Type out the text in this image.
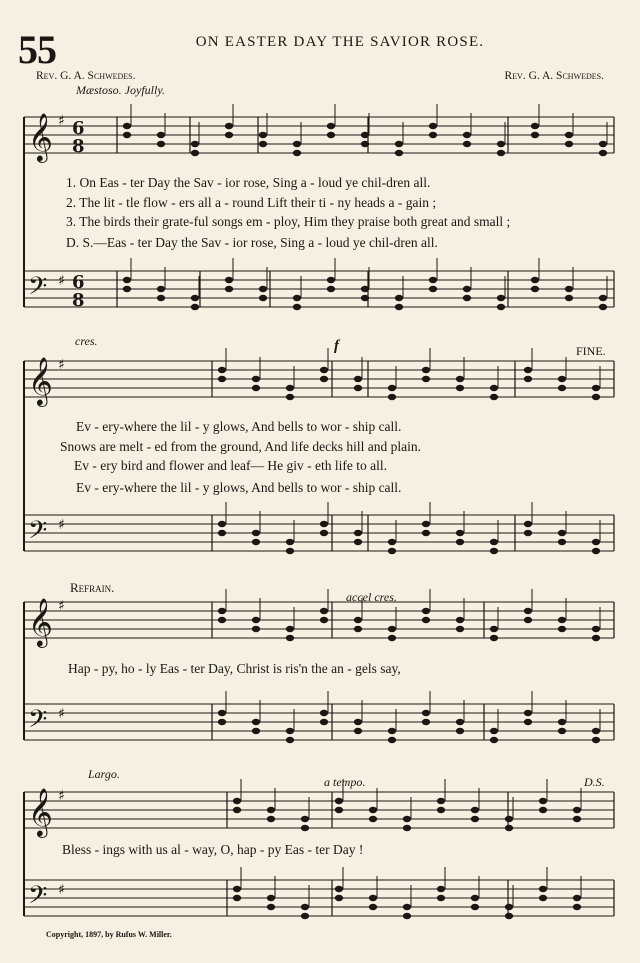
55	ON EASTER DAY THE SAVIOR ROSE.
Rev. G. A. Schwedes.	Rev. G. A. Schwedes.
Mæstoso. Joyfully.
𝄞 ♯
𝄢 ♯
𝄞 ♯
𝄢 ♯
𝄞 ♯
𝄢 ♯
𝄞 ♯
𝄢 ♯
6
8
6
8
1. On Eas - ter Day the Sav - ior rose, Sing a - loud ye chil-dren all.
2. The lit - tle flow - ers all a - round Lift their ti - ny heads a - gain ;
3. The birds their grate-ful songs em - ploy, Him they praise both great and small ;
D. S.—Eas - ter Day the Sav - ior rose, Sing a - loud ye chil-dren all.
cres.	f	FINE.
Ev - ery-where the lil - y glows, And bells to wor - ship call.
Snows are melt - ed from the ground, And life decks hill and plain.
Ev - ery bird and flower and leaf— He giv - eth life to all.
Ev - ery-where the lil - y glows, And bells to wor - ship call.
Refrain.
accel cres.
Hap - py, ho - ly Eas - ter Day, Christ is ris'n the an - gels say,
Largo.
a tempo.	D.S.
Bless - ings with us al - way, O, hap - py Eas - ter Day !
Copyright, 1897, by Rufus W. Miller.
